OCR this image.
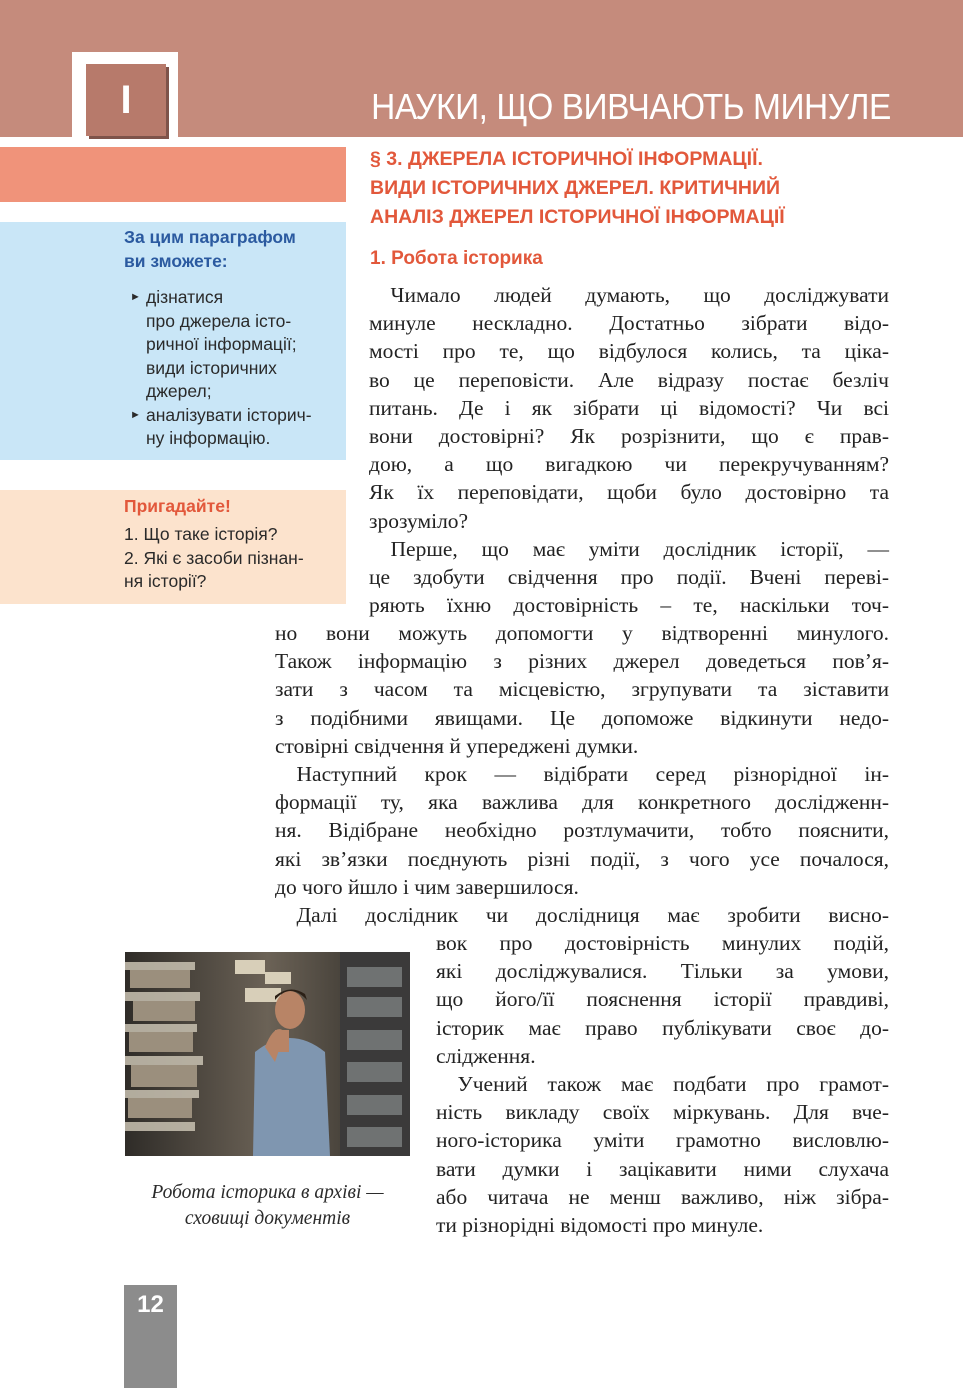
I	НАУКИ, ЩО ВИВЧАЮТЬ МИНУЛЕ
§ 3. ДЖЕРЕЛА ІСТОРИЧНОЇ ІНФОРМАЦІЇ.
ВИДИ ІСТОРИЧНИХ ДЖЕРЕЛ. КРИТИЧНИЙ
АНАЛІЗ ДЖЕРЕЛ ІСТОРИЧНОЇ ІНФОРМАЦІЇ
За цим параграфом
ви зможете:
► дізнатися
про джерела істо-
ричної інформації;
види історичних
джерел;
► аналізувати історич-
ну інформацію.
Пригадайте!
1. Що таке історія?
2. Які є засоби пізнан-
ня історії?
1. Робота історика

 Чимало людей думають, що досліджувати
минуле нескладно. Достатньо зібрати відо-
мості про те, що відбулося колись, та ціка-
во це переповісти. Але відразу постає безліч
питань. Де і як зібрати ці відомості? Чи всі
вони достовірні? Як розрізнити, що є прав-
дою, а що вигадкою чи перекручуванням?
Як їх переповідати, щоби було достовірно та
зрозуміло?
 Перше, що має уміти дослідник історії, —
це здобути свідчення про події. Вчені переві-
ряють їхню достовірність – те, наскільки точ-

но вони можуть допомогти у відтворенні минулого.
Також інформацію з різних джерел доведеться пов’я-
зати з часом та місцевістю, згрупувати та зіставити
з подібними явищами. Це допоможе відкинути недо-
стовірні свідчення й упереджені думки.
 Наступний крок — відібрати серед різнорідної ін-
формації ту, яка важлива для конкретного дослідженн-
ня. Відібране необхідно розтлумачити, тобто пояснити,
які зв’язки поєднують різні події, з чого усе почалося,
до чого йшло і чим завершилося.
 Далі дослідник чи дослідниця має зробити висно-

вок про достовірність минулих подій,
які досліджувалися. Тільки за умови,
що його/її пояснення історії правдиві,
історик має право публікувати своє до-
слідження.
 Учений також має подбати про грамот-
ність викладу своїх міркувань. Для вче-
ного-історика уміти грамотно висловлю-
вати думки і зацікавити ними слухача
або читача не менш важливо, ніж зібра-
ти різнорідні відомості про минуле.

Робота історика в архіві —
сховищі документів
12
